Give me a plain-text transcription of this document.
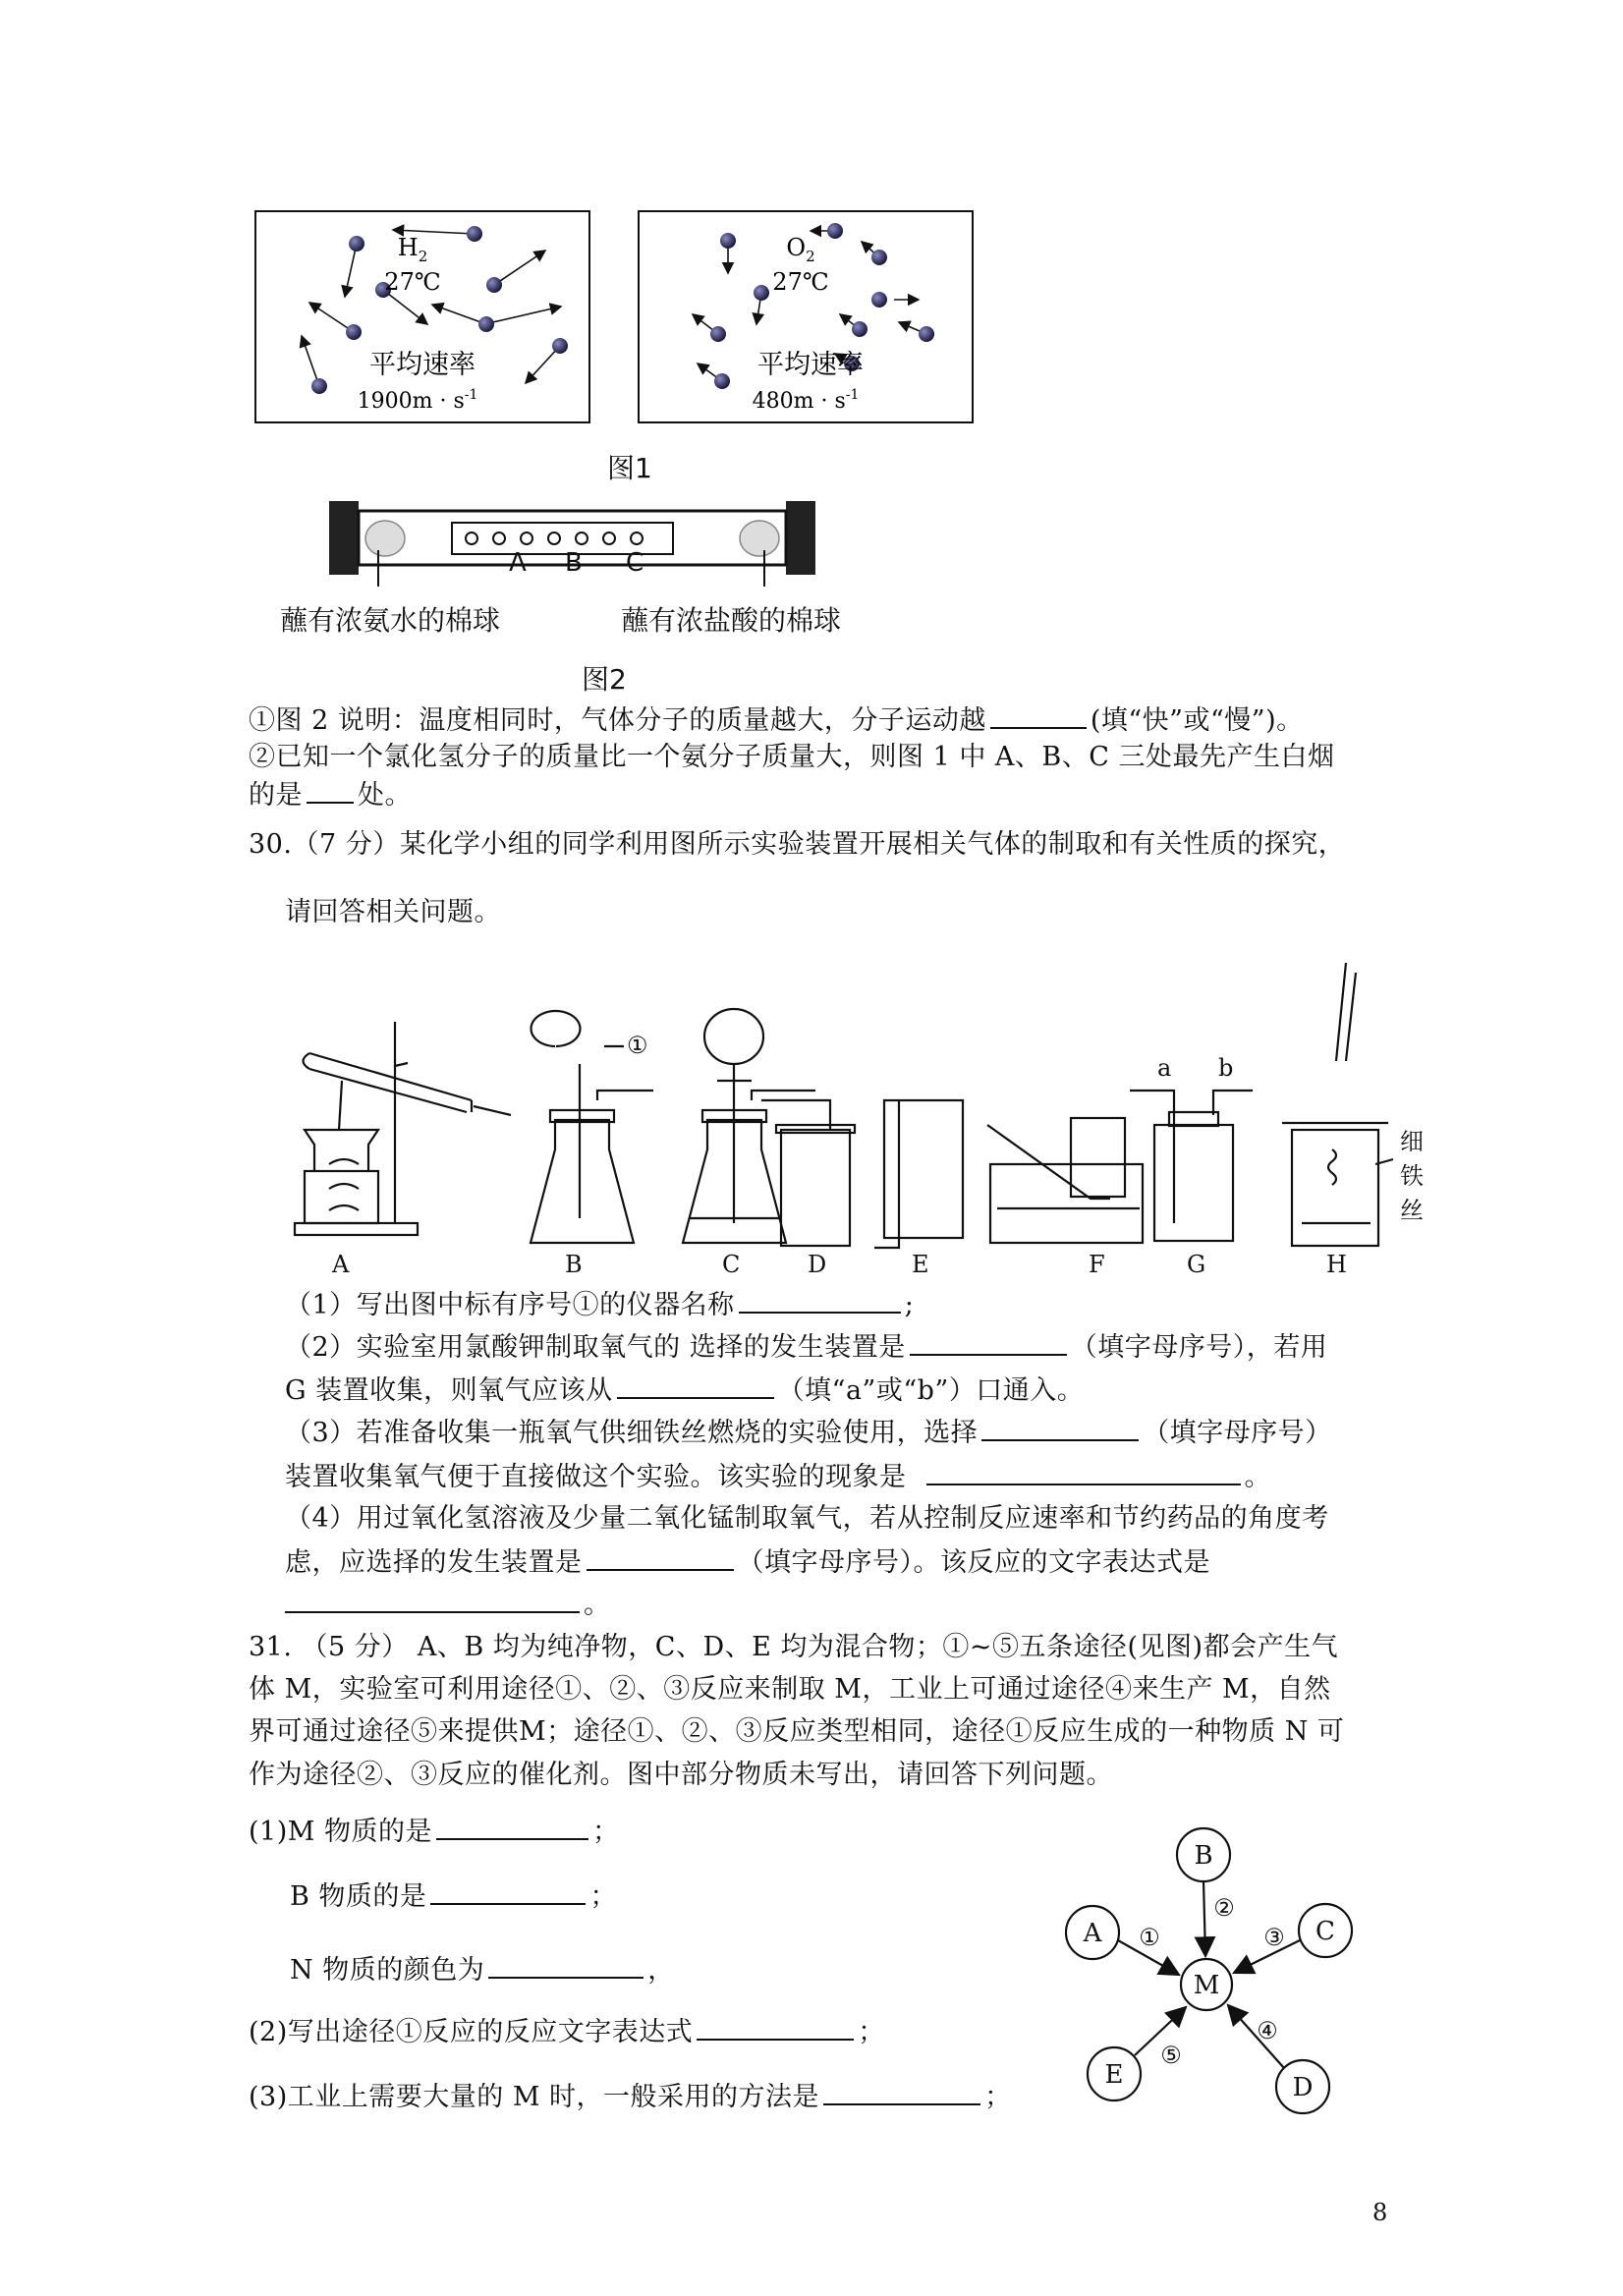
$H_2$
27℃
平均速率
$1900m \cdot s^{-1}$
$O_2$
27℃
平均速率
$480m \cdot s^{-1}$
图1
A B C
蘸有浓氨水的棉球	蘸有浓盐酸的棉球
图2
①图 2 说明：温度相同时，气体分子的质量越大，分子运动越	(填“快”或“慢”)。
②已知一个氯化氢分子的质量比一个氨分子质量大，则图 1 中 A、B、C 三处最先产生白烟
的是 处。
30.（7 分）某化学小组的同学利用图所示实验装置开展相关气体的制取和有关性质的探究，
请回答相关问题。
A	B	C	D	E	F	G	H
①
a b
细
铁
丝
（1）写出图中标有序号①的仪器名称	;
（2）实验室用氯酸钾制取氧气的 选择的发生装置是	（填字母序号），若用
G 装置收集，则氧气应该从	（填“a”或“b”）口通入。
（3）若准备收集一瓶氧气供细铁丝燃烧的实验使用，选择	（填字母序号）
装置收集氧气便于直接做这个实验。该实验的现象是	。
（4）用过氧化氢溶液及少量二氧化锰制取氧气，若从控制反应速率和节约药品的角度考
虑，应选择的发生装置是	（填字母序号）。该反应的文字表达式是
。
31. （5 分） A、B 均为纯净物，C、D、E 均为混合物；①~⑤五条途径(见图)都会产生气
体 M，实验室可利用途径①、②、③反应来制取 M，工业上可通过途径④来生产 M，自然
界可通过途径⑤来提供M；途径①、②、③反应类型相同，途径①反应生成的一种物质 N 可
作为途径②、③反应的催化剂。图中部分物质未写出，请回答下列问题。
(1)M 物质的是	；
B 物质的是	；
N 物质的颜色为	，
(2)写出途径①反应的反应文字表达式	；
(3)工业上需要大量的 M 时，一般采用的方法是	；
M
B
A	C
E	D
①
②
③
④
⑤
8
